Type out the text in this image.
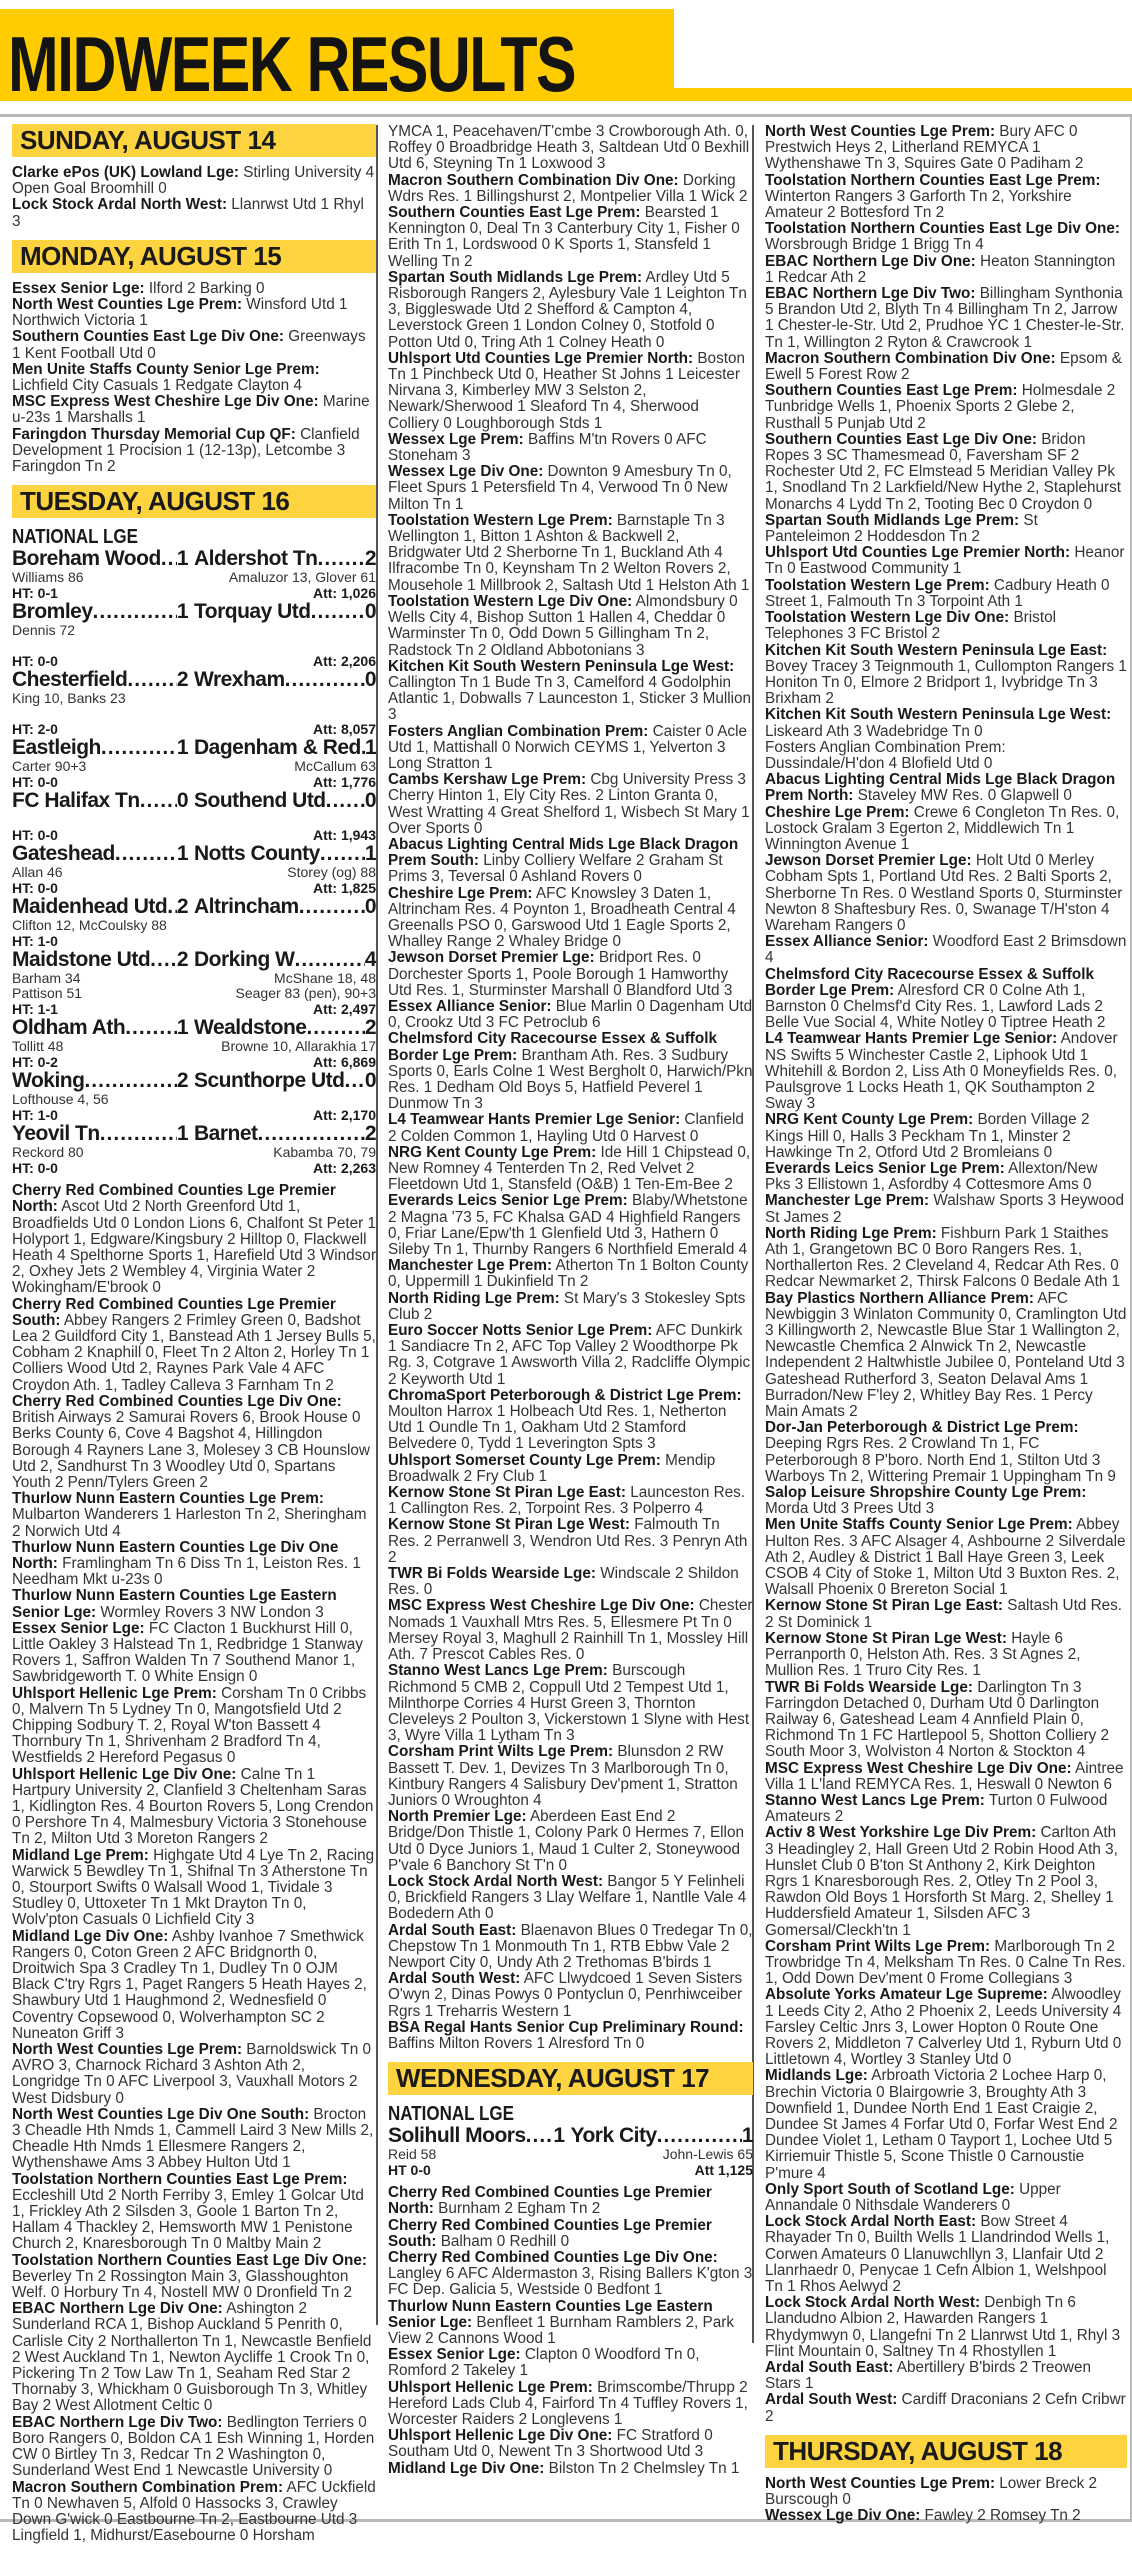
MIDWEEK RESULTS
SUNDAY, AUGUST 14

Clarke ePos (UK) Lowland Lge: Stirling University 4 Open Goal Broomhill 0

Lock Stock Ardal North West: Llanrwst Utd 1 Rhyl 3

MONDAY, AUGUST 15

Essex Senior Lge: Ilford 2 Barking 0

North West Counties Lge Prem: Winsford Utd 1 Northwich Victoria 1

Southern Counties East Lge Div One: Greenways 1 Kent Football Utd 0

Men Unite Staffs County Senior Lge Prem: Lichfield City Casuals 1 Redgate Clayton 4

MSC Express West Cheshire Lge Div One: Marine u-23s 1 Marshalls 1

Faringdon Thursday Memorial Cup QF: Clanfield Development 1 Procision 1 (12-13p), Letcombe 3 Faringdon Tn 2

TUESDAY, AUGUST 16
NATIONAL LGE
Boreham Wood ..... 1 Aldershot Tn ..... 2
Williams 86	Amaluzor 13, Glover 61
HT: 0-1	Att: 1,026
Bromley .....	1 Torquay Utd .....	0
Dennis 72

HT: 0-0	Att: 2,206
Chesterfield ..... 2 Wrexham .....	0
King 10, Banks 23

HT: 2-0	Att: 8,057
Eastleigh .....	1 Dagenham & Red ..... 1
Carter 90+3	McCallum 63
HT: 0-0	Att: 1,776
FC Halifax Tn ..... 0 Southend Utd ..... 0

HT: 0-0	Att: 1,943
Gateshead .....	1 Notts County ..... 1
Allan 46	Storey (og) 88
HT: 0-0	Att: 1,825
Maidenhead Utd ..... 2 Altrincham .....	0
Clifton 12, McCoulsky 88
HT: 1-0
Maidstone Utd ..... 2 Dorking W .....	4
Barham 34	McShane 18, 48
Pattison 51	Seager 83 (pen), 90+3
HT: 1-1	Att: 2,497
Oldham Ath ..... 1 Wealdstone .....	2
Tollitt 48	Browne 10, Allarakhia 17
HT: 0-2	Att: 6,869
Woking .....	2 Scunthorpe Utd ..... 0
Lofthouse 4, 56
HT: 1-0	Att: 2,170
Yeovil Tn .....	1 Barnet .....	2
Reckord 80	Kabamba 70, 79
HT: 0-0	Att: 2,263

Cherry Red Combined Counties Lge Premier North: Ascot Utd 2 North Greenford Utd 1, Broadfields Utd 0 London Lions 6, Chalfont St Peter 1 Holyport 1, Edgware/Kingsbury 2 Hilltop 0, Flackwell Heath 4 Spelthorne Sports 1, Harefield Utd 3 Windsor 2, Oxhey Jets 2 Wembley 4, Virginia Water 2 Wokingham/E'brook 0

Cherry Red Combined Counties Lge Premier South: Abbey Rangers 2 Frimley Green 0, Badshot Lea 2 Guildford City 1, Banstead Ath 1 Jersey Bulls 5, Cobham 2 Knaphill 0, Fleet Tn 2 Alton 2, Horley Tn 1 Colliers Wood Utd 2, Raynes Park Vale 4 AFC Croydon Ath. 1, Tadley Calleva 3 Farnham Tn 2

Cherry Red Combined Counties Lge Div One: British Airways 2 Samurai Rovers 6, Brook House 0 Berks County 6, Cove 4 Bagshot 4, Hillingdon Borough 4 Rayners Lane 3, Molesey 3 CB Hounslow Utd 2, Sandhurst Tn 3 Woodley Utd 0, Spartans Youth 2 Penn/Tylers Green 2

Thurlow Nunn Eastern Counties Lge Prem: Mulbarton Wanderers 1 Harleston Tn 2, Sheringham 2 Norwich Utd 4

Thurlow Nunn Eastern Counties Lge Div One North: Framlingham Tn 6 Diss Tn 1, Leiston Res. 1 Needham Mkt u-23s 0

Thurlow Nunn Eastern Counties Lge Eastern Senior Lge: Wormley Rovers 3 NW London 3

Essex Senior Lge: FC Clacton 1 Buckhurst Hill 0, Little Oakley 3 Halstead Tn 1, Redbridge 1 Stanway Rovers 1, Saffron Walden Tn 7 Southend Manor 1, Sawbridgeworth T. 0 White Ensign 0

Uhlsport Hellenic Lge Prem: Corsham Tn 0 Cribbs 0, Malvern Tn 5 Lydney Tn 0, Mangotsfield Utd 2 Chipping Sodbury T. 2, Royal W'ton Bassett 4 Thornbury Tn 1, Shrivenham 2 Bradford Tn 4, Westfields 2 Hereford Pegasus 0

Uhlsport Hellenic Lge Div One: Calne Tn 1 Hartpury University 2, Clanfield 3 Cheltenham Saras 1, Kidlington Res. 4 Bourton Rovers 5, Long Crendon 0 Pershore Tn 4, Malmesbury Victoria 3 Stonehouse Tn 2, Milton Utd 3 Moreton Rangers 2

Midland Lge Prem: Highgate Utd 4 Lye Tn 2, Racing Warwick 5 Bewdley Tn 1, Shifnal Tn 3 Atherstone Tn 0, Stourport Swifts 0 Walsall Wood 1, Tividale 3 Studley 0, Uttoxeter Tn 1 Mkt Drayton Tn 0, Wolv'pton Casuals 0 Lichfield City 3

Midland Lge Div One: Ashby Ivanhoe 7 Smethwick Rangers 0, Coton Green 2 AFC Bridgnorth 0, Droitwich Spa 3 Cradley Tn 1, Dudley Tn 0 OJM Black C'try Rgrs 1, Paget Rangers 5 Heath Hayes 2, Shawbury Utd 1 Haughmond 2, Wednesfield 0 Coventry Copsewood 0, Wolverhampton SC 2 Nuneaton Griff 3

North West Counties Lge Prem: Barnoldswick Tn 0 AVRO 3, Charnock Richard 3 Ashton Ath 2, Longridge Tn 0 AFC Liverpool 3, Vauxhall Motors 2 West Didsbury 0

North West Counties Lge Div One South: Brocton 3 Cheadle Hth Nmds 1, Cammell Laird 3 New Mills 2, Cheadle Hth Nmds 1 Ellesmere Rangers 2, Wythenshawe Ams 3 Abbey Hulton Utd 1

Toolstation Northern Counties East Lge Prem: Eccleshill Utd 2 North Ferriby 3, Emley 1 Golcar Utd 1, Frickley Ath 2 Silsden 3, Goole 1 Barton Tn 2, Hallam 4 Thackley 2, Hemsworth MW 1 Penistone Church 2, Knaresborough Tn 0 Maltby Main 2

Toolstation Northern Counties East Lge Div One: Beverley Tn 2 Rossington Main 3, Glasshoughton Welf. 0 Horbury Tn 4, Nostell MW 0 Dronfield Tn 2

EBAC Northern Lge Div One: Ashington 2 Sunderland RCA 1, Bishop Auckland 5 Penrith 0, Carlisle City 2 Northallerton Tn 1, Newcastle Benfield 2 West Auckland Tn 1, Newton Aycliffe 1 Crook Tn 0, Pickering Tn 2 Tow Law Tn 1, Seaham Red Star 2 Thornaby 3, Whickham 0 Guisborough Tn 3, Whitley Bay 2 West Allotment Celtic 0

EBAC Northern Lge Div Two: Bedlington Terriers 0 Boro Rangers 0, Boldon CA 1 Esh Winning 1, Horden CW 0 Birtley Tn 3, Redcar Tn 2 Washington 0, Sunderland West End 1 Newcastle University 0

Macron Southern Combination Prem: AFC Uckfield Tn 0 Newhaven 5, Alfold 0 Hassocks 3, Crawley Down G'wick 0 Eastbourne Tn 2, Eastbourne Utd 3 Lingfield 1, Midhurst/Easebourne 0 Horsham

YMCA 1, Peacehaven/T'cmbe 3 Crowborough Ath. 0, Roffey 0 Broadbridge Heath 3, Saltdean Utd 0 Bexhill Utd 6, Steyning Tn 1 Loxwood 3

Macron Southern Combination Div One: Dorking Wdrs Res. 1 Billingshurst 2, Montpelier Villa 1 Wick 2

Southern Counties East Lge Prem: Bearsted 1 Kennington 0, Deal Tn 3 Canterbury City 1, Fisher 0 Erith Tn 1, Lordswood 0 K Sports 1, Stansfeld 1 Welling Tn 2

Spartan South Midlands Lge Prem: Ardley Utd 5 Risborough Rangers 2, Aylesbury Vale 1 Leighton Tn 3, Biggleswade Utd 2 Shefford & Campton 4, Leverstock Green 1 London Colney 0, Stotfold 0 Potton Utd 0, Tring Ath 1 Colney Heath 0

Uhlsport Utd Counties Lge Premier North: Boston Tn 1 Pinchbeck Utd 0, Heather St Johns 1 Leicester Nirvana 3, Kimberley MW 3 Selston 2, Newark/Sherwood 1 Sleaford Tn 4, Sherwood Colliery 0 Loughborough Stds 1

Wessex Lge Prem: Baffins M'tn Rovers 0 AFC Stoneham 3

Wessex Lge Div One: Downton 9 Amesbury Tn 0, Fleet Spurs 1 Petersfield Tn 4, Verwood Tn 0 New Milton Tn 1

Toolstation Western Lge Prem: Barnstaple Tn 3 Wellington 1, Bitton 1 Ashton & Backwell 2, Bridgwater Utd 2 Sherborne Tn 1, Buckland Ath 4 Ilfracombe Tn 0, Keynsham Tn 2 Welton Rovers 2, Mousehole 1 Millbrook 2, Saltash Utd 1 Helston Ath 1

Toolstation Western Lge Div One: Almondsbury 0 Wells City 4, Bishop Sutton 1 Hallen 4, Cheddar 0 Warminster Tn 0, Odd Down 5 Gillingham Tn 2, Radstock Tn 2 Oldland Abbotonians 3

Kitchen Kit South Western Peninsula Lge West: Callington Tn 1 Bude Tn 3, Camelford 4 Godolphin Atlantic 1, Dobwalls 7 Launceston 1, Sticker 3 Mullion 3

Fosters Anglian Combination Prem: Caister 0 Acle Utd 1, Mattishall 0 Norwich CEYMS 1, Yelverton 3 Long Stratton 1

Cambs Kershaw Lge Prem: Cbg University Press 3 Cherry Hinton 1, Ely City Res. 2 Linton Granta 0, West Wratting 4 Great Shelford 1, Wisbech St Mary 1 Over Sports 0

Abacus Lighting Central Mids Lge Black Dragon Prem South: Linby Colliery Welfare 2 Graham St Prims 3, Teversal 0 Ashland Rovers 0

Cheshire Lge Prem: AFC Knowsley 3 Daten 1, Altrincham Res. 4 Poynton 1, Broadheath Central 4 Greenalls PSO 0, Garswood Utd 1 Eagle Sports 2, Whalley Range 2 Whaley Bridge 0

Jewson Dorset Premier Lge: Bridport Res. 0 Dorchester Sports 1, Poole Borough 1 Hamworthy Utd Res. 1, Sturminster Marshall 0 Blandford Utd 3

Essex Alliance Senior: Blue Marlin 0 Dagenham Utd 0, Crookz Utd 3 FC Petroclub 6

Chelmsford City Racecourse Essex & Suffolk Border Lge Prem: Brantham Ath. Res. 3 Sudbury Sports 0, Earls Colne 1 West Bergholt 0, Harwich/Pkn Res. 1 Dedham Old Boys 5, Hatfield Peverel 1 Dunmow Tn 3

L4 Teamwear Hants Premier Lge Senior: Clanfield 2 Colden Common 1, Hayling Utd 0 Harvest 0

NRG Kent County Lge Prem: Ide Hill 1 Chipstead 0, New Romney 4 Tenterden Tn 2, Red Velvet 2 Fleetdown Utd 1, Stansfeld (O&B) 1 Ten-Em-Bee 2

Everards Leics Senior Lge Prem: Blaby/Whetstone 2 Magna '73 5, FC Khalsa GAD 4 Highfield Rangers 0, Friar Lane/Epw'th 1 Glenfield Utd 3, Hathern 0 Sileby Tn 1, Thurnby Rangers 6 Northfield Emerald 4

Manchester Lge Prem: Atherton Tn 1 Bolton County 0, Uppermill 1 Dukinfield Tn 2

North Riding Lge Prem: St Mary's 3 Stokesley Spts Club 2

Euro Soccer Notts Senior Lge Prem: AFC Dunkirk 1 Sandiacre Tn 2, AFC Top Valley 2 Woodthorpe Pk Rg. 3, Cotgrave 1 Awsworth Villa 2, Radcliffe Olympic 2 Keyworth Utd 1

ChromaSport Peterborough & District Lge Prem: Moulton Harrox 1 Holbeach Utd Res. 1, Netherton Utd 1 Oundle Tn 1, Oakham Utd 2 Stamford Belvedere 0, Tydd 1 Leverington Spts 3

Uhlsport Somerset County Lge Prem: Mendip Broadwalk 2 Fry Club 1

Kernow Stone St Piran Lge East: Launceston Res. 1 Callington Res. 2, Torpoint Res. 3 Polperro 4

Kernow Stone St Piran Lge West: Falmouth Tn Res. 2 Perranwell 3, Wendron Utd Res. 3 Penryn Ath 2

TWR Bi Folds Wearside Lge: Windscale 2 Shildon Res. 0

MSC Express West Cheshire Lge Div One: Chester Nomads 1 Vauxhall Mtrs Res. 5, Ellesmere Pt Tn 0 Mersey Royal 3, Maghull 2 Rainhill Tn 1, Mossley Hill Ath. 7 Prescot Cables Res. 0

Stanno West Lancs Lge Prem: Burscough Richmond 5 CMB 2, Coppull Utd 2 Tempest Utd 1, Milnthorpe Corries 4 Hurst Green 3, Thornton Cleveleys 2 Poulton 3, Vickerstown 1 Slyne with Hest 3, Wyre Villa 1 Lytham Tn 3

Corsham Print Wilts Lge Prem: Blunsdon 2 RW Bassett T. Dev. 1, Devizes Tn 3 Marlborough Tn 0, Kintbury Rangers 4 Salisbury Dev'pment 1, Stratton Juniors 0 Wroughton 4

North Premier Lge: Aberdeen East End 2 Bridge/Don Thistle 1, Colony Park 0 Hermes 7, Ellon Utd 0 Dyce Juniors 1, Maud 1 Culter 2, Stoneywood P'vale 6 Banchory St T'n 0

Lock Stock Ardal North West: Bangor 5 Y Felinheli 0, Brickfield Rangers 3 Llay Welfare 1, Nantlle Vale 4 Bodedern Ath 0

Ardal South East: Blaenavon Blues 0 Tredegar Tn 0, Chepstow Tn 1 Monmouth Tn 1, RTB Ebbw Vale 2 Newport City 0, Undy Ath 2 Trethomas B'birds 1

Ardal South West: AFC Llwydcoed 1 Seven Sisters O'wyn 2, Dinas Powys 0 Pontyclun 0, Penrhiwceiber Rgrs 1 Treharris Western 1

BSA Regal Hants Senior Cup Preliminary Round: Baffins Milton Rovers 1 Alresford Tn 0

WEDNESDAY, AUGUST 17
NATIONAL LGE
Solihull Moors ..... 1 York City .....	1
Reid 58	John-Lewis 65
HT 0-0	Att 1,125

Cherry Red Combined Counties Lge Premier North: Burnham 2 Egham Tn 2

Cherry Red Combined Counties Lge Premier South: Balham 0 Redhill 0

Cherry Red Combined Counties Lge Div One: Langley 6 AFC Aldermaston 3, Rising Ballers K'gton 3 FC Dep. Galicia 5, Westside 0 Bedfont 1

Thurlow Nunn Eastern Counties Lge Eastern Senior Lge: Benfleet 1 Burnham Ramblers 2, Park View 2 Cannons Wood 1

Essex Senior Lge: Clapton 0 Woodford Tn 0, Romford 2 Takeley 1

Uhlsport Hellenic Lge Prem: Brimscombe/Thrupp 2 Hereford Lads Club 4, Fairford Tn 4 Tuffley Rovers 1, Worcester Raiders 2 Longlevens 1

Uhlsport Hellenic Lge Div One: FC Stratford 0 Southam Utd 0, Newent Tn 3 Shortwood Utd 3

Midland Lge Div One: Bilston Tn 2 Chelmsley Tn 1

North West Counties Lge Prem: Bury AFC 0 Prestwich Heys 2, Litherland REMYCA 1 Wythenshawe Tn 3, Squires Gate 0 Padiham 2

Toolstation Northern Counties East Lge Prem: Winterton Rangers 3 Garforth Tn 2, Yorkshire Amateur 2 Bottesford Tn 2

Toolstation Northern Counties East Lge Div One: Worsbrough Bridge 1 Brigg Tn 4

EBAC Northern Lge Div One: Heaton Stannington 1 Redcar Ath 2

EBAC Northern Lge Div Two: Billingham Synthonia 5 Brandon Utd 2, Blyth Tn 4 Billingham Tn 2, Jarrow 1 Chester-le-Str. Utd 2, Prudhoe YC 1 Chester-le-Str. Tn 1, Willington 2 Ryton & Crawcrook 1

Macron Southern Combination Div One: Epsom & Ewell 5 Forest Row 2

Southern Counties East Lge Prem: Holmesdale 2 Tunbridge Wells 1, Phoenix Sports 2 Glebe 2, Rusthall 5 Punjab Utd 2

Southern Counties East Lge Div One: Bridon Ropes 3 SC Thamesmead 0, Faversham SF 2 Rochester Utd 2, FC Elmstead 5 Meridian Valley Pk 1, Snodland Tn 2 Larkfield/New Hythe 2, Staplehurst Monarchs 4 Lydd Tn 2, Tooting Bec 0 Croydon 0

Spartan South Midlands Lge Prem: St Panteleimon 2 Hoddesdon Tn 2

Uhlsport Utd Counties Lge Premier North: Heanor Tn 0 Eastwood Community 1

Toolstation Western Lge Prem: Cadbury Heath 0 Street 1, Falmouth Tn 3 Torpoint Ath 1

Toolstation Western Lge Div One: Bristol Telephones 3 FC Bristol 2

Kitchen Kit South Western Peninsula Lge East: Bovey Tracey 3 Teignmouth 1, Cullompton Rangers 1 Honiton Tn 0, Elmore 2 Bridport 1, Ivybridge Tn 3 Brixham 2

Kitchen Kit South Western Peninsula Lge West: Liskeard Ath 3 Wadebridge Tn 0

Fosters Anglian Combination Prem: Dussindale/H'don 4 Blofield Utd 0

Abacus Lighting Central Mids Lge Black Dragon Prem North: Staveley MW Res. 0 Glapwell 0

Cheshire Lge Prem: Crewe 6 Congleton Tn Res. 0, Lostock Gralam 3 Egerton 2, Middlewich Tn 1 Winnington Avenue 1

Jewson Dorset Premier Lge: Holt Utd 0 Merley Cobham Spts 1, Portland Utd Res. 2 Balti Sports 2, Sherborne Tn Res. 0 Westland Sports 0, Sturminster Newton 8 Shaftesbury Res. 0, Swanage T/H'ston 4 Wareham Rangers 0

Essex Alliance Senior: Woodford East 2 Brimsdown 4

Chelmsford City Racecourse Essex & Suffolk Border Lge Prem: Alresford CR 0 Colne Ath 1, Barnston 0 Chelmsf'd City Res. 1, Lawford Lads 2 Belle Vue Social 4, White Notley 0 Tiptree Heath 2

L4 Teamwear Hants Premier Lge Senior: Andover NS Swifts 5 Winchester Castle 2, Liphook Utd 1 Whitehill & Bordon 2, Liss Ath 0 Moneyfields Res. 0, Paulsgrove 1 Locks Heath 1, QK Southampton 2 Sway 3

NRG Kent County Lge Prem: Borden Village 2 Kings Hill 0, Halls 3 Peckham Tn 1, Minster 2 Hawkinge Tn 2, Otford Utd 2 Bromleians 0

Everards Leics Senior Lge Prem: Allexton/New Pks 3 Ellistown 1, Asfordby 4 Cottesmore Ams 0

Manchester Lge Prem: Walshaw Sports 3 Heywood St James 2

North Riding Lge Prem: Fishburn Park 1 Staithes Ath 1, Grangetown BC 0 Boro Rangers Res. 1, Northallerton Res. 2 Cleveland 4, Redcar Ath Res. 0 Redcar Newmarket 2, Thirsk Falcons 0 Bedale Ath 1

Bay Plastics Northern Alliance Prem: AFC Newbiggin 3 Winlaton Community 0, Cramlington Utd 3 Killingworth 2, Newcastle Blue Star 1 Wallington 2, Newcastle Chemfica 2 Alnwick Tn 2, Newcastle Independent 2 Haltwhistle Jubilee 0, Ponteland Utd 3 Gateshead Rutherford 3, Seaton Delaval Ams 1 Burradon/New F'ley 2, Whitley Bay Res. 1 Percy Main Amats 2

Dor-Jan Peterborough & District Lge Prem: Deeping Rgrs Res. 2 Crowland Tn 1, FC Peterborough 8 P'boro. North End 1, Stilton Utd 3 Warboys Tn 2, Wittering Premair 1 Uppingham Tn 9

Salop Leisure Shropshire County Lge Prem: Morda Utd 3 Prees Utd 3

Men Unite Staffs County Senior Lge Prem: Abbey Hulton Res. 3 AFC Alsager 4, Ashbourne 2 Silverdale Ath 2, Audley & District 1 Ball Haye Green 3, Leek CSOB 4 City of Stoke 1, Milton Utd 3 Buxton Res. 2, Walsall Phoenix 0 Brereton Social 1

Kernow Stone St Piran Lge East: Saltash Utd Res. 2 St Dominick 1

Kernow Stone St Piran Lge West: Hayle 6 Perranporth 0, Helston Ath. Res. 3 St Agnes 2, Mullion Res. 1 Truro City Res. 1

TWR Bi Folds Wearside Lge: Darlington Tn 3 Farringdon Detached 0, Durham Utd 0 Darlington Railway 6, Gateshead Leam 4 Annfield Plain 0, Richmond Tn 1 FC Hartlepool 5, Shotton Colliery 2 South Moor 3, Wolviston 4 Norton & Stockton 4

MSC Express West Cheshire Lge Div One: Aintree Villa 1 L'land REMYCA Res. 1, Heswall 0 Newton 6

Stanno West Lancs Lge Prem: Turton 0 Fulwood Amateurs 2

Activ 8 West Yorkshire Lge Div Prem: Carlton Ath 3 Headingley 2, Hall Green Utd 2 Robin Hood Ath 3, Hunslet Club 0 B'ton St Anthony 2, Kirk Deighton Rgrs 1 Knaresborough Res. 2, Otley Tn 2 Pool 3, Rawdon Old Boys 1 Horsforth St Marg. 2, Shelley 1 Huddersfield Amateur 1, Silsden AFC 3 Gomersal/Cleckh'tn 1

Corsham Print Wilts Lge Prem: Marlborough Tn 2 Trowbridge Tn 4, Melksham Tn Res. 0 Calne Tn Res. 1, Odd Down Dev'ment 0 Frome Collegians 3

Absolute Yorks Amateur Lge Supreme: Alwoodley 1 Leeds City 2, Atho 2 Phoenix 2, Leeds University 4 Farsley Celtic Jnrs 3, Lower Hopton 0 Route One Rovers 2, Middleton 7 Calverley Utd 1, Ryburn Utd 0 Littletown 4, Wortley 3 Stanley Utd 0

Midlands Lge: Arbroath Victoria 2 Lochee Harp 0, Brechin Victoria 0 Blairgowrie 3, Broughty Ath 3 Downfield 1, Dundee North End 1 East Craigie 2, Dundee St James 4 Forfar Utd 0, Forfar West End 2 Dundee Violet 1, Letham 0 Tayport 1, Lochee Utd 5 Kirriemuir Thistle 5, Scone Thistle 0 Carnoustie P'mure 4

Only Sport South of Scotland Lge: Upper Annandale 0 Nithsdale Wanderers 0

Lock Stock Ardal North East: Bow Street 4 Rhayader Tn 0, Builth Wells 1 Llandrindod Wells 1, Corwen Amateurs 0 Llanuwchllyn 3, Llanfair Utd 2 Llanrhaedr 0, Penycae 1 Cefn Albion 1, Welshpool Tn 1 Rhos Aelwyd 2

Lock Stock Ardal North West: Denbigh Tn 6 Llandudno Albion 2, Hawarden Rangers 1 Rhydymwyn 0, Llangefni Tn 2 Llanrwst Utd 1, Rhyl 3 Flint Mountain 0, Saltney Tn 4 Rhostyllen 1

Ardal South East: Abertillery B'birds 2 Treowen Stars 1

Ardal South West: Cardiff Draconians 2 Cefn Cribwr 2

THURSDAY, AUGUST 18

North West Counties Lge Prem: Lower Breck 2 Burscough 0

Wessex Lge Div One: Fawley 2 Romsey Tn 2
